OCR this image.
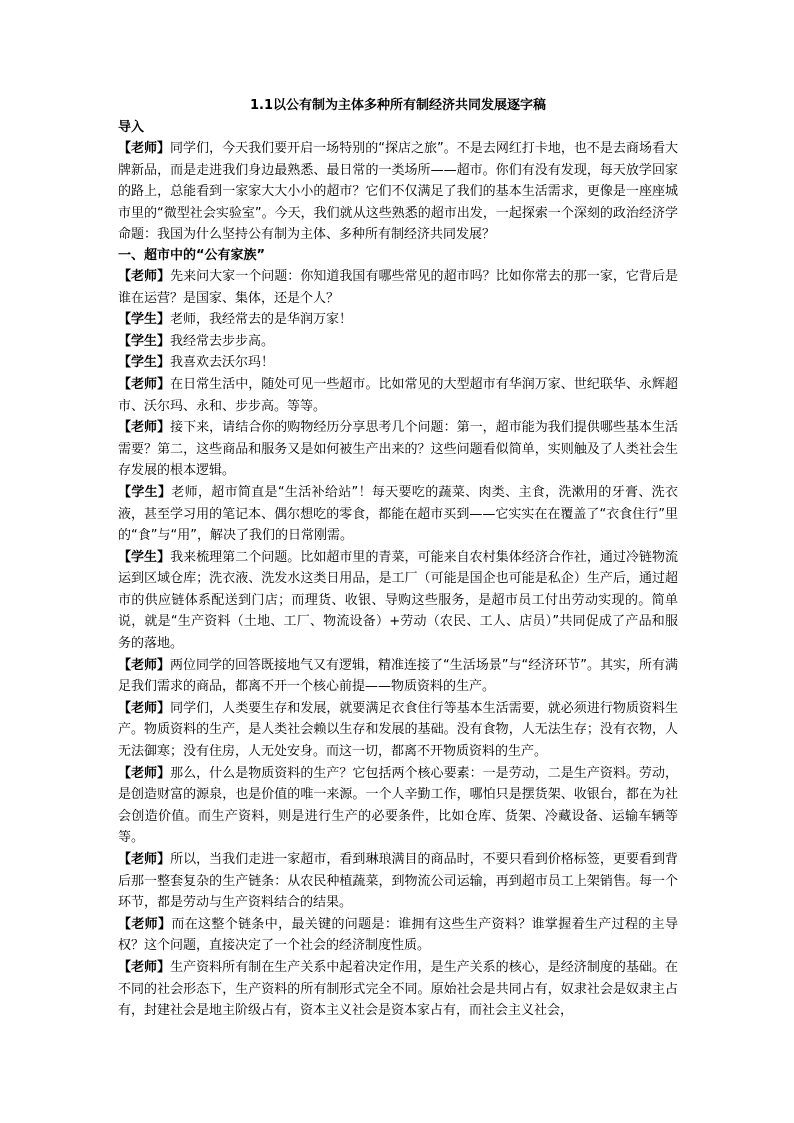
1.1以公有制为主体多种所有制经济共同发展逐字稿
导入

【老师】同学们，今天我们要开启一场特别的“探店之旅”。不是去网红打卡地，也不是去商场看大牌新品，而是走进我们身边最熟悉、最日常的一类场所——超市。你们有没有发现，每天放学回家的路上，总能看到一家家大大小小的超市？它们不仅满足了我们的基本生活需求，更像是一座座城市里的“微型社会实验室”。今天，我们就从这些熟悉的超市出发，一起探索一个深刻的政治经济学命题：我国为什么坚持公有制为主体、多种所有制经济共同发展？

一、超市中的“公有家族”

【老师】先来问大家一个问题：你知道我国有哪些常见的超市吗？比如你常去的那一家，它背后是谁在运营？是国家、集体，还是个人？

【学生】老师，我经常去的是华润万家！

【学生】我经常去步步高。

【学生】我喜欢去沃尔玛！

【老师】在日常生活中，随处可见一些超市。比如常见的大型超市有华润万家、世纪联华、永辉超市、沃尔玛、永和、步步高。等等。

【老师】接下来，请结合你的购物经历分享思考几个问题：第一，超市能为我们提供哪些基本生活需要？第二，这些商品和服务又是如何被生产出来的？这些问题看似简单，实则触及了人类社会生存发展的根本逻辑。

【学生】老师，超市简直是“生活补给站”！每天要吃的蔬菜、肉类、主食，洗漱用的牙膏、洗衣液，甚至学习用的笔记本、偶尔想吃的零食，都能在超市买到——它实实在在覆盖了“衣食住行”里的“食”与“用”，解决了我们的日常刚需。

【学生】我来梳理第二个问题。比如超市里的青菜，可能来自农村集体经济合作社，通过冷链物流运到区域仓库；洗衣液、洗发水这类日用品，是工厂（可能是国企也可能是私企）生产后，通过超市的供应链体系配送到门店；而理货、收银、导购这些服务，是超市员工付出劳动实现的。简单说，就是“生产资料（土地、工厂、物流设备）+劳动（农民、工人、店员）”共同促成了产品和服务的落地。

【老师】两位同学的回答既接地气又有逻辑，精准连接了“生活场景”与“经济环节”。其实，所有满足我们需求的商品，都离不开一个核心前提——物质资料的生产。

【老师】同学们，人类要生存和发展，就要满足衣食住行等基本生活需要，就必须进行物质资料生产。物质资料的生产，是人类社会赖以生存和发展的基础。没有食物，人无法生存；没有衣物，人无法御寒；没有住房，人无处安身。而这一切，都离不开物质资料的生产。

【老师】那么，什么是物质资料的生产？它包括两个核心要素：一是劳动，二是生产资料。劳动，是创造财富的源泉，也是价值的唯一来源。一个人辛勤工作，哪怕只是摆货架、收银台，都在为社会创造价值。而生产资料，则是进行生产的必要条件，比如仓库、货架、冷藏设备、运输车辆等等。

【老师】所以，当我们走进一家超市，看到琳琅满目的商品时，不要只看到价格标签，更要看到背后那一整套复杂的生产链条：从农民种植蔬菜，到物流公司运输，再到超市员工上架销售。每一个环节，都是劳动与生产资料结合的结果。

【老师】而在这整个链条中，最关键的问题是：谁拥有这些生产资料？谁掌握着生产过程的主导权？这个问题，直接决定了一个社会的经济制度性质。

【老师】生产资料所有制在生产关系中起着决定作用，是生产关系的核心，是经济制度的基础。在不同的社会形态下，生产资料的所有制形式完全不同。原始社会是共同占有，奴隶社会是奴隶主占有，封建社会是地主阶级占有，资本主义社会是资本家占有，而社会主义社会，
